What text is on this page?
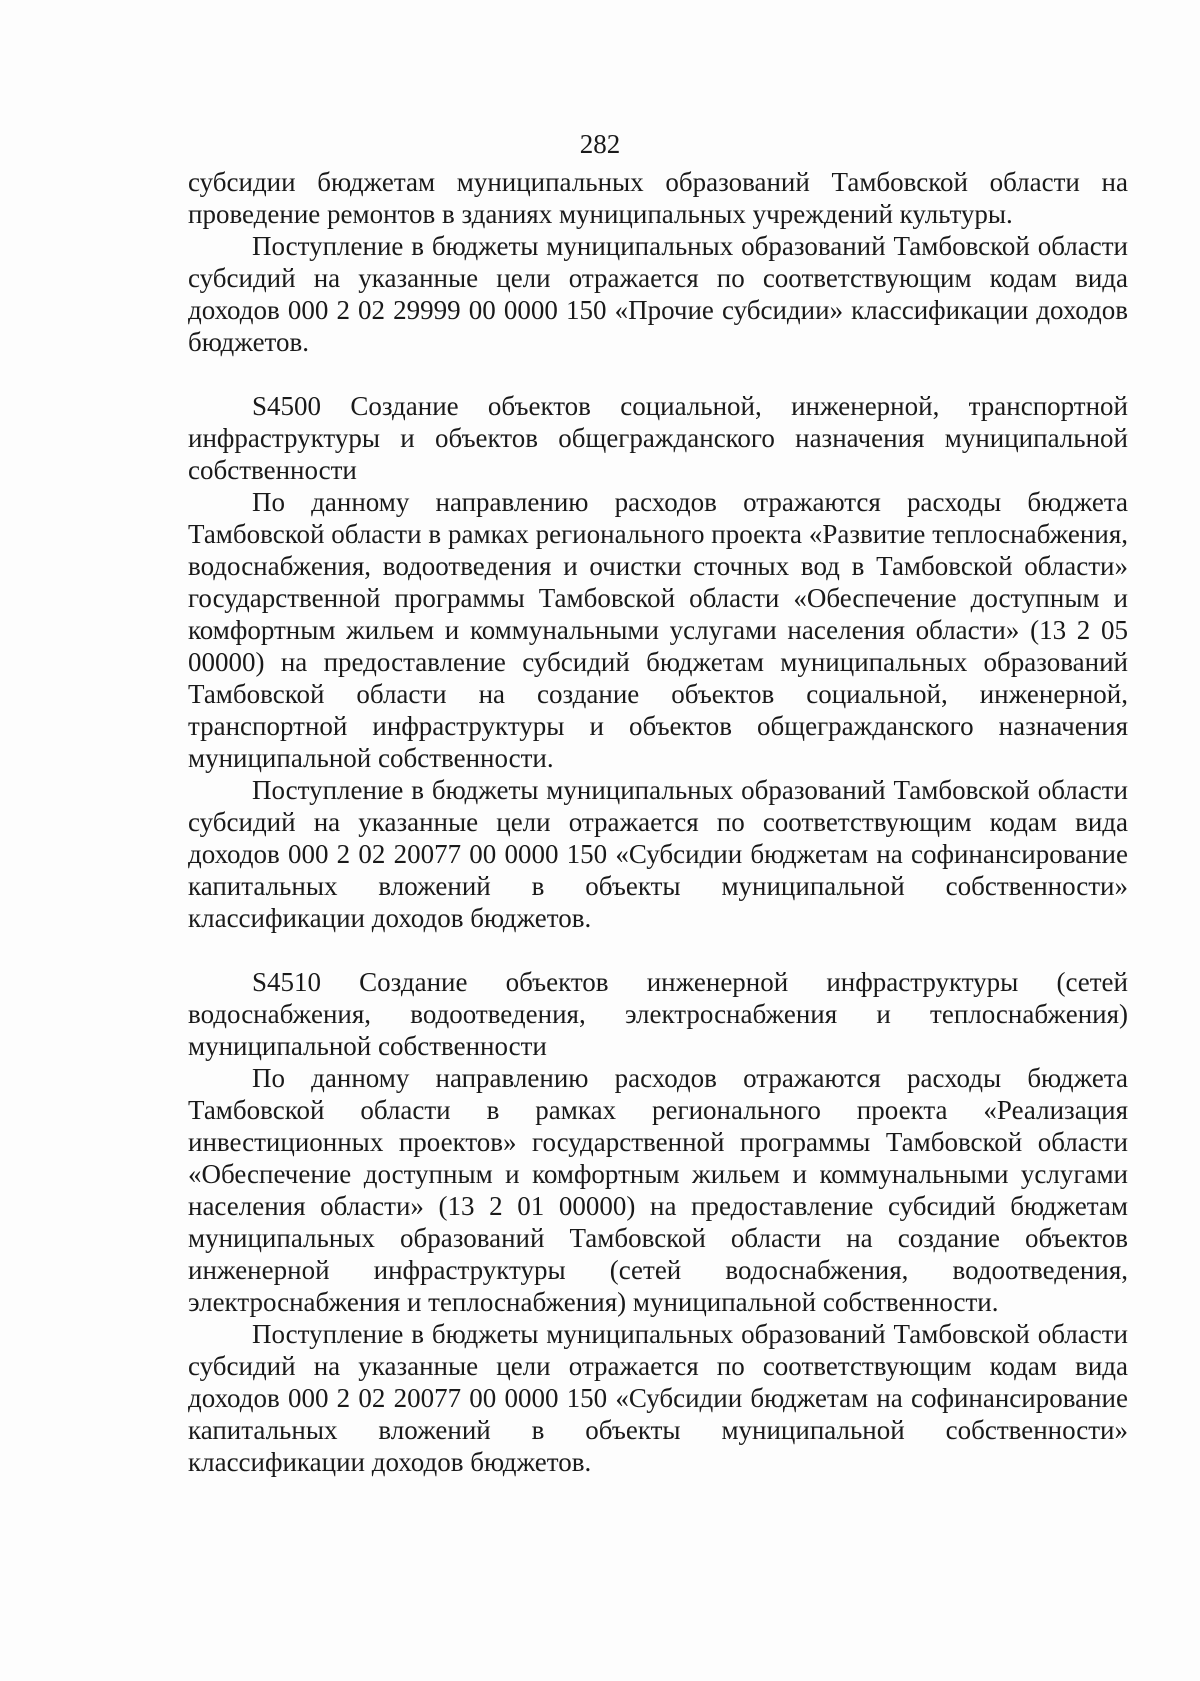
282

субсидии бюджетам муниципальных образований Тамбовской области на проведение ремонтов в зданиях муниципальных учреждений культуры.

Поступление в бюджеты муниципальных образований Тамбовской области субсидий на указанные цели отражается по соответствующим кодам вида доходов 000 2 02 29999 00 0000 150 «Прочие субсидии» классификации доходов бюджетов.

S4500 Создание объектов социальной, инженерной, транспортной инфраструктуры и объектов общегражданского назначения муниципальной собственности

По данному направлению расходов отражаются расходы бюджета Тамбовской области в рамках регионального проекта «Развитие теплоснабжения, водоснабжения, водоотведения и очистки сточных вод в Тамбовской области» государственной программы Тамбовской области «Обеспечение доступным и комфортным жильем и коммунальными услугами населения области» (13 2 05 00000) на предоставление субсидий бюджетам муниципальных образований Тамбовской области на создание объектов социальной, инженерной, транспортной инфраструктуры и объектов общегражданского назначения муниципальной собственности.

Поступление в бюджеты муниципальных образований Тамбовской области субсидий на указанные цели отражается по соответствующим кодам вида доходов 000 2 02 20077 00 0000 150 «Субсидии бюджетам на софинансирование капитальных вложений в объекты муниципальной собственности» классификации доходов бюджетов.

S4510 Создание объектов инженерной инфраструктуры (сетей водоснабжения, водоотведения, электроснабжения и теплоснабжения) муниципальной собственности

По данному направлению расходов отражаются расходы бюджета Тамбовской области в рамках регионального проекта «Реализация инвестиционных проектов» государственной программы Тамбовской области «Обеспечение доступным и комфортным жильем и коммунальными услугами населения области» (13 2 01 00000) на предоставление субсидий бюджетам муниципальных образований Тамбовской области на создание объектов инженерной инфраструктуры (сетей водоснабжения, водоотведения, электроснабжения и теплоснабжения) муниципальной собственности.

Поступление в бюджеты муниципальных образований Тамбовской области субсидий на указанные цели отражается по соответствующим кодам вида доходов 000 2 02 20077 00 0000 150 «Субсидии бюджетам на софинансирование капитальных вложений в объекты муниципальной собственности» классификации доходов бюджетов.
